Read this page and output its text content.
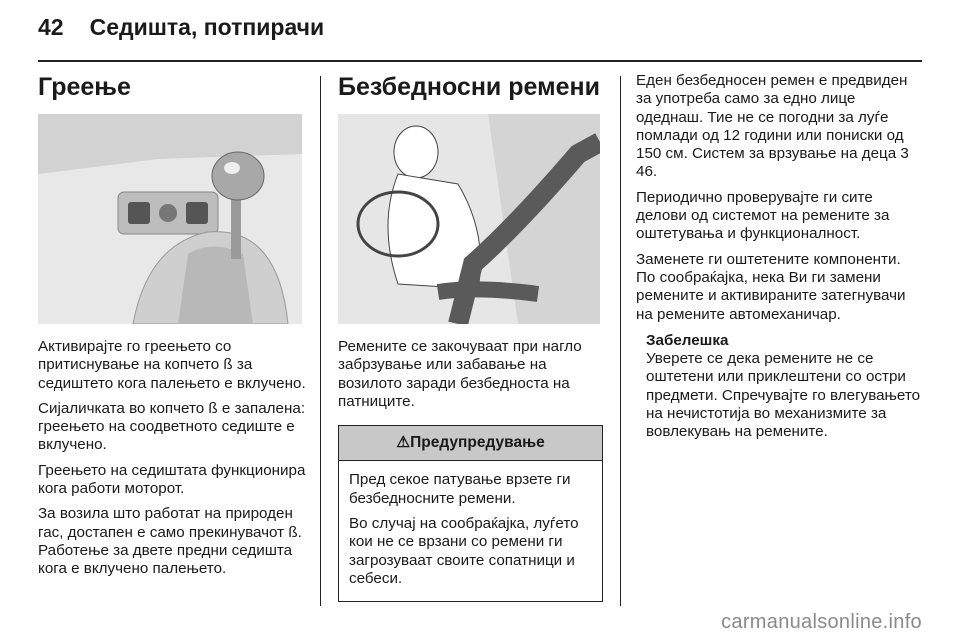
42 Седишта, потпирачи
Греење

Активирајте го греењето со притиснување на копчето ß за седиштето кога палењето е вклучено.

Сијаличката во копчето ß е запалена: греењето на соодветното седиште е вклучено.

Греењето на седиштата функционира кога работи моторот.

За возила што работат на природен гас, достапен е само прекинувачот ß. Работење за двете предни седишта кога е вклучено палењето.

Безбедносни ремени

Ремените се закочуваат при нагло забрзување или забавање на возилото заради безбедноста на патниците.

⚠Предупредување

Пред секое патување врзете ги безбедносните ремени.

Во случај на сообраќајка, луѓето кои не се врзани со ремени ги загрозуваат своите сопатници и себеси.

Еден безбедносен ремен е предвиден за употреба само за едно лице одеднаш. Тие не се погодни за луѓе помлади од 12 години или пониски од 150 см. Систем за врзување на деца 3 46.

Периодично проверувајте ги сите делови од системот на ремените за оштетувања и функционалност.

Заменете ги оштетените компоненти. По сообраќајка, нека Ви ги замени ремените и активираните затегнувачи на ремените автомеханичар.

Забелешка
Уверете се дека ремените не се оштетени или приклештени со остри предмети. Спречувајте го влегувањето на нечистотија во механизмите за вовлекувањ на ремените.
carmanualsonline.info
